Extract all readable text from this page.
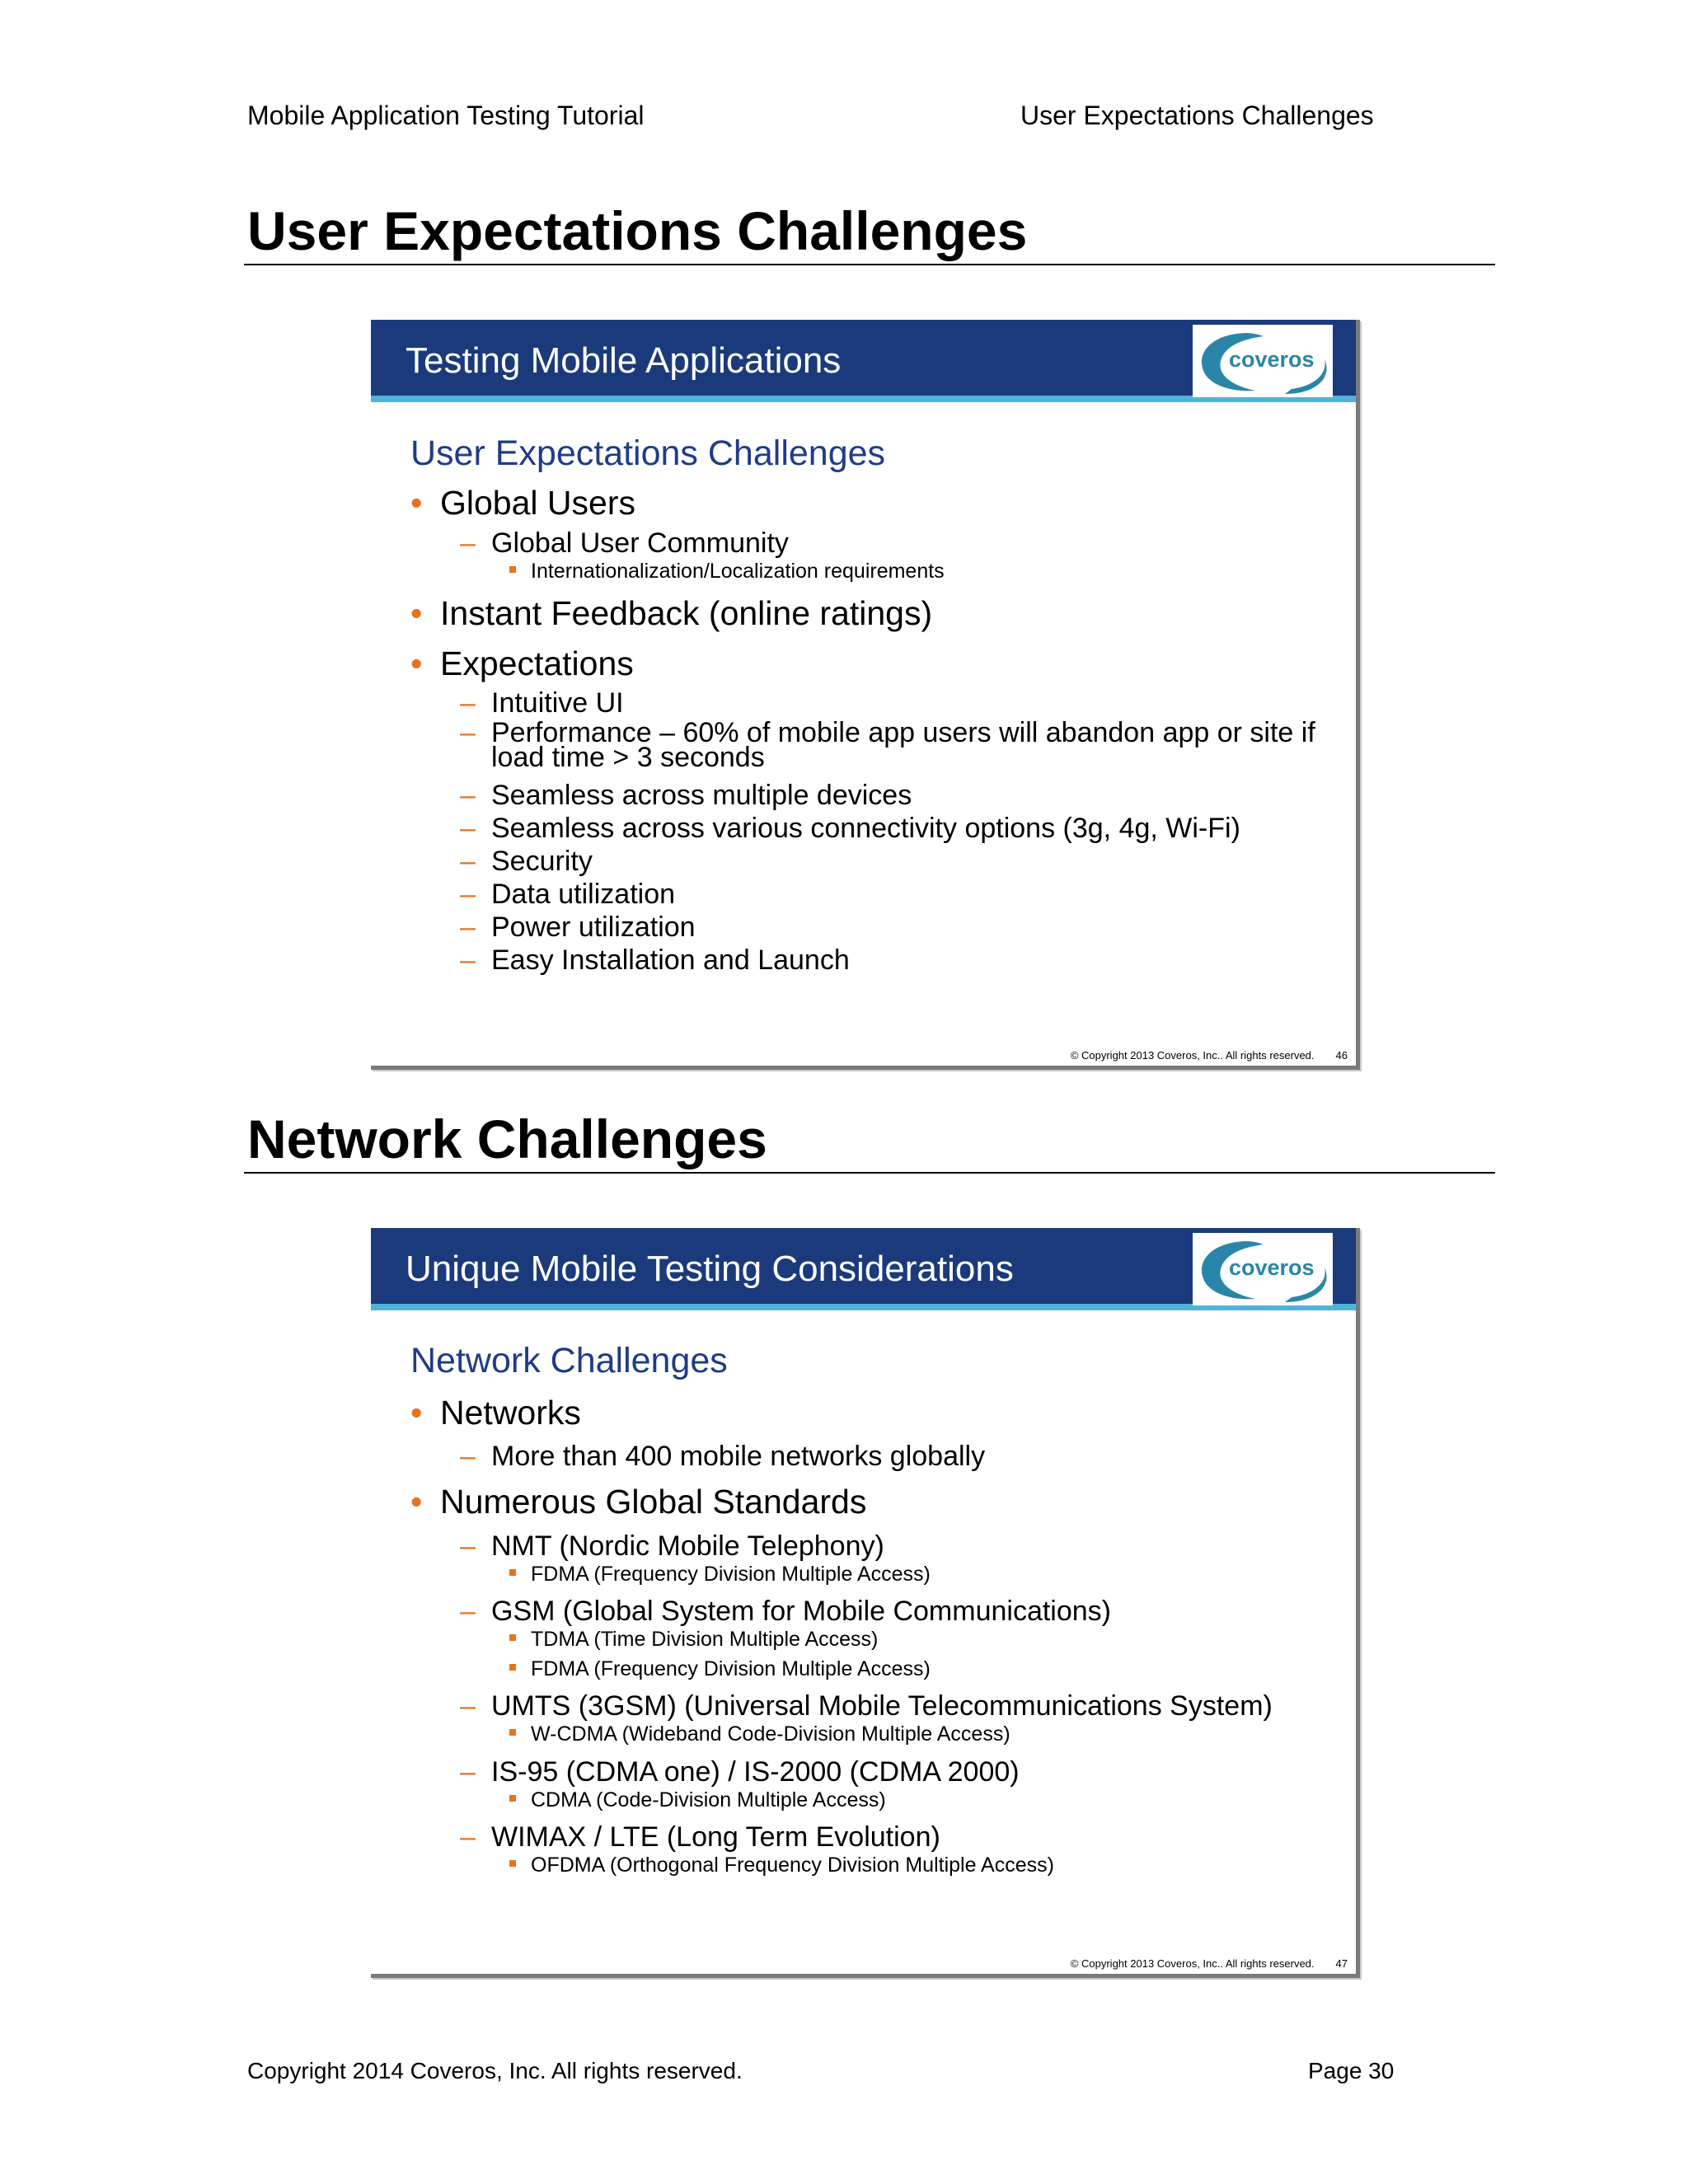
Mobile Application Testing Tutorial	User Expectations Challenges
User Expectations Challenges
Testing Mobile Applications	coveros
User Expectations Challenges
• Global Users
– Global User Community
Internationalization/Localization requirements
• Instant Feedback (online ratings)
• Expectations
– Intuitive UI
– Performance – 60% of mobile app users will abandon app or site if load time > 3 seconds
– Seamless across multiple devices
– Seamless across various connectivity options (3g, 4g, Wi-Fi)
– Security
– Data utilization
– Power utilization
– Easy Installation and Launch
© Copyright 2013 Coveros, Inc.. All rights reserved. 46
Network Challenges
Unique Mobile Testing Considerations	coveros
Network Challenges
• Networks
– More than 400 mobile networks globally
• Numerous Global Standards
– NMT (Nordic Mobile Telephony)
FDMA (Frequency Division Multiple Access)
– GSM (Global System for Mobile Communications)
TDMA (Time Division Multiple Access)
FDMA (Frequency Division Multiple Access)
– UMTS (3GSM) (Universal Mobile Telecommunications System)
W-CDMA (Wideband Code-Division Multiple Access)
– IS-95 (CDMA one) / IS-2000 (CDMA 2000)
CDMA (Code-Division Multiple Access)
– WIMAX / LTE (Long Term Evolution)
OFDMA (Orthogonal Frequency Division Multiple Access)
© Copyright 2013 Coveros, Inc.. All rights reserved. 47
Copyright 2014 Coveros, Inc. All rights reserved.	Page 30
